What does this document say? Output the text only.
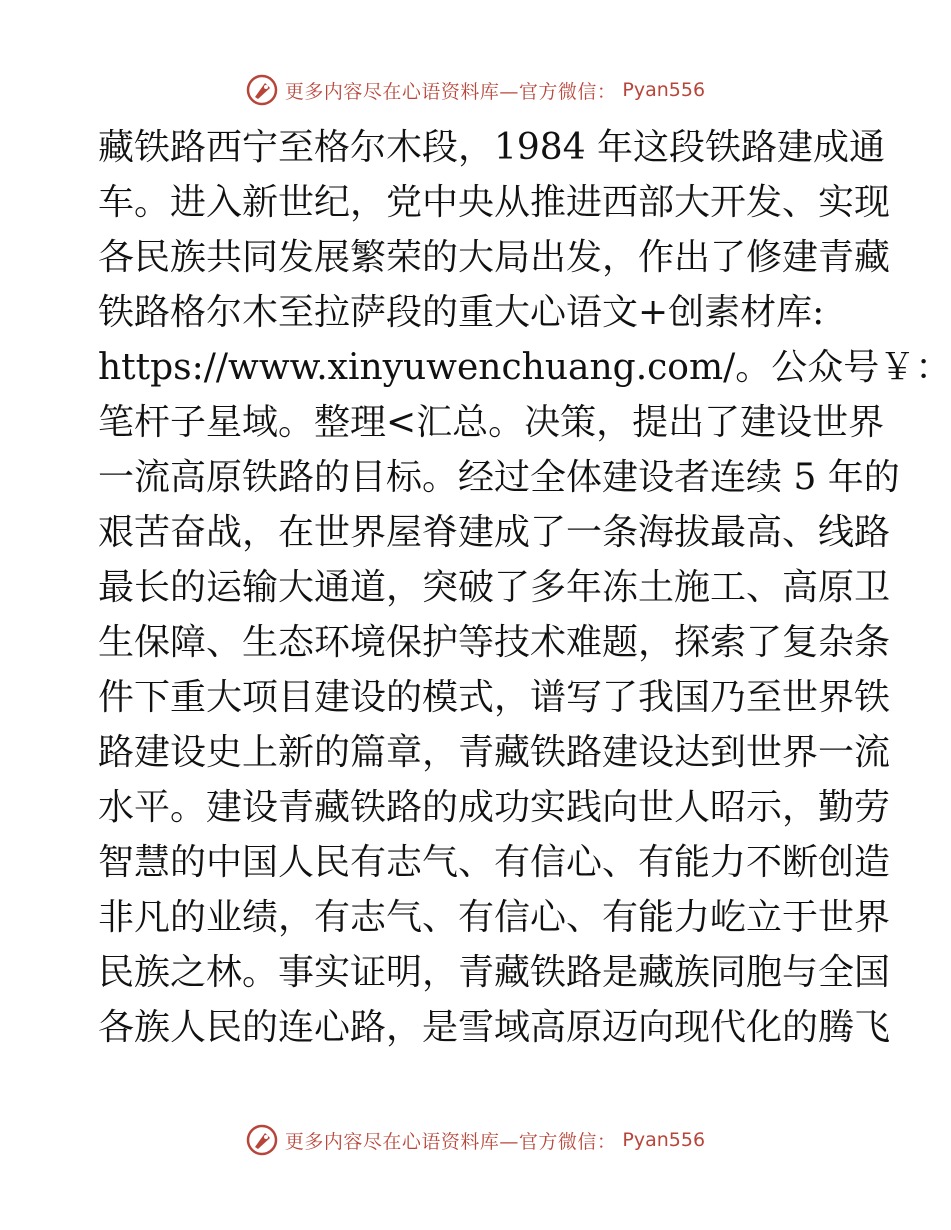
更多内容尽在心语资料库—官方微信： Pyan556
藏铁路西宁至格尔木段，1984 年这段铁路建成通
车。进入新世纪，党中央从推进西部大开发、实现
各民族共同发展繁荣的大局出发，作出了修建青藏
铁路格尔木至拉萨段的重大心语文+创素材库:
https://www.xinyuwenchuang.com/。公众号￥：
笔杆子星域。整理<汇总。决策，提出了建设世界
一流高原铁路的目标。经过全体建设者连续 5 年的
艰苦奋战，在世界屋脊建成了一条海拔最高、线路
最长的运输大通道，突破了多年冻土施工、高原卫
生保障、生态环境保护等技术难题，探索了复杂条
件下重大项目建设的模式，谱写了我国乃至世界铁
路建设史上新的篇章，青藏铁路建设达到世界一流
水平。建设青藏铁路的成功实践向世人昭示，勤劳
智慧的中国人民有志气、有信心、有能力不断创造
非凡的业绩，有志气、有信心、有能力屹立于世界
民族之林。事实证明，青藏铁路是藏族同胞与全国
各族人民的连心路，是雪域高原迈向现代化的腾飞
更多内容尽在心语资料库—官方微信： Pyan556
